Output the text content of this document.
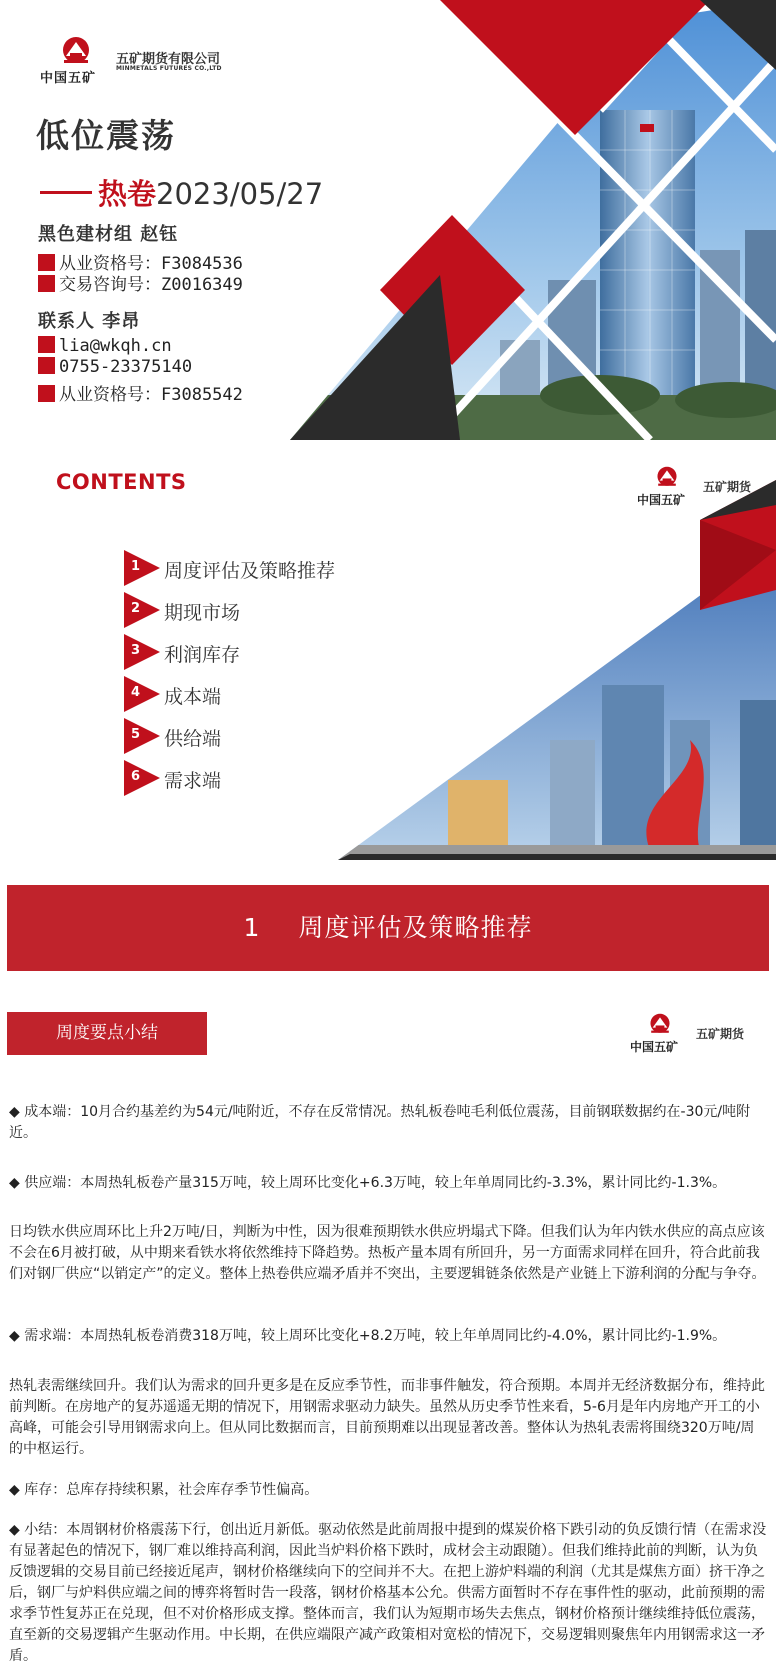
中国五矿
五矿期货有限公司
MINMETALS FUTURES CO.,LTD
低位震荡
热卷2023/05/27
黑色建材组 赵钰
从业资格号：F3084536
交易咨询号：Z0016349
联系人 李昂
lia@wkqh.cn
0755-23375140
从业资格号：F3085542
CONTENTS
中国五矿
五矿期货
1 周度评估及策略推荐
2 期现市场
3 利润库存
4 成本端
5 供给端
6 需求端
1 周度评估及策略推荐
周度要点小结
中国五矿
五矿期货
◆ 成本端：10月合约基差约为54元/吨附近，不存在反常情况。热轧板卷吨毛利低位震荡，目前钢联数据约在-30元/吨附近。
◆ 供应端：本周热轧板卷产量315万吨，较上周环比变化+6.3万吨，较上年单周同比约-3.3%，累计同比约-1.3%。
日均铁水供应周环比上升2万吨/日，判断为中性，因为很难预期铁水供应坍塌式下降。但我们认为年内铁水供应的高点应该不会在6月被打破，从中期来看铁水将依然维持下降趋势。热板产量本周有所回升，另一方面需求同样在回升，符合此前我们对钢厂供应“以销定产”的定义。整体上热卷供应端矛盾并不突出，主要逻辑链条依然是产业链上下游利润的分配与争夺。
◆ 需求端：本周热轧板卷消费318万吨，较上周环比变化+8.2万吨，较上年单周同比约-4.0%，累计同比约-1.9%。
热轧表需继续回升。我们认为需求的回升更多是在反应季节性，而非事件触发，符合预期。本周并无经济数据分布，维持此前判断。在房地产的复苏遥遥无期的情况下，用钢需求驱动力缺失。虽然从历史季节性来看，5-6月是年内房地产开工的小高峰，可能会引导用钢需求向上。但从同比数据而言，目前预期难以出现显著改善。整体认为热轧表需将围绕320万吨/周的中枢运行。
◆ 库存：总库存持续积累，社会库存季节性偏高。
◆ 小结：本周钢材价格震荡下行，创出近月新低。驱动依然是此前周报中提到的煤炭价格下跌引动的负反馈行情（在需求没有显著起色的情况下，钢厂难以维持高利润，因此当炉料价格下跌时，成材会主动跟随）。但我们维持此前的判断，认为负反馈逻辑的交易目前已经接近尾声，钢材价格继续向下的空间并不大。在把上游炉料端的利润（尤其是煤焦方面）挤干净之后，钢厂与炉料供应端之间的博弈将暂时告一段落，钢材价格基本公允。供需方面暂时不存在事件性的驱动，此前预期的需求季节性复苏正在兑现，但不对价格形成支撑。整体而言，我们认为短期市场失去焦点，钢材价格预计继续维持低位震荡，直至新的交易逻辑产生驱动作用。中长期，在供应端限产减产政策相对宽松的情况下，交易逻辑则聚焦年内用钢需求这一矛盾。
